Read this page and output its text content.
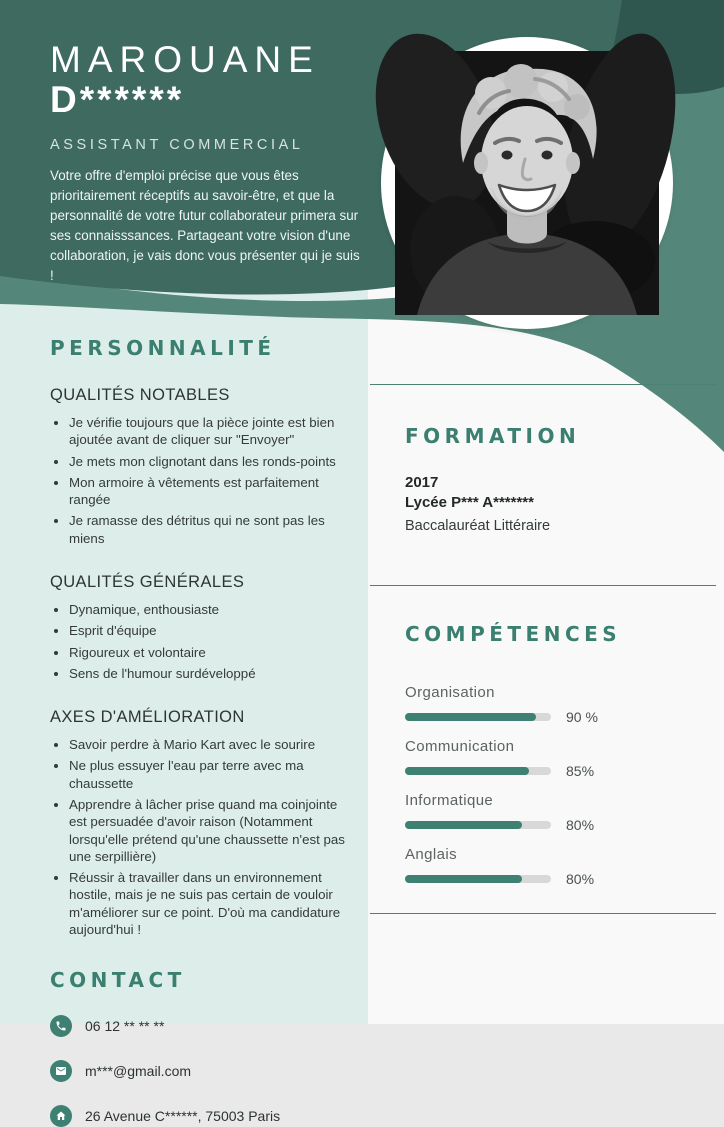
MAROUANE
D******
ASSISTANT COMMERCIAL

Votre offre d'emploi précise que vous êtes prioritairement réceptifs au savoir-être, et que la personnalité de votre futur collaborateur primera sur ses connaisssances. Partageant votre vision d'une collaboration, je vais donc vous présenter qui je suis !

PERSONNALITÉ
QUALITÉS NOTABLES
• Je vérifie toujours que la pièce jointe est bien ajoutée avant de cliquer sur "Envoyer"
• Je mets mon clignotant dans les ronds-points
• Mon armoire à vêtements est parfaitement rangée
• Je ramasse des détritus qui ne sont pas les miens
QUALITÉS GÉNÉRALES
• Dynamique, enthousiaste
• Esprit d'équipe
• Rigoureux et volontaire
• Sens de l'humour surdéveloppé
AXES D'AMÉLIORATION
• Savoir perdre à Mario Kart avec le sourire
• Ne plus essuyer l'eau par terre avec ma chaussette
• Apprendre à lâcher prise quand ma coinjointe est persuadée d'avoir raison (Notamment lorsqu'elle prétend qu'une chaussette n'est pas une serpillière)
• Réussir à travailler dans un environnement hostile, mais je ne suis pas certain de vouloir m'améliorer sur ce point. D'où ma candidature aujourd'hui !
CONTACT
06 12 ** ** **
m***@gmail.com
26 Avenue C******, 75003 Paris
FORMATION
2017
Lycée P*** A*******
Baccalauréat Littéraire
COMPÉTENCES
Organisation
90 %
Communication
85%
Informatique
80%
Anglais
80%
